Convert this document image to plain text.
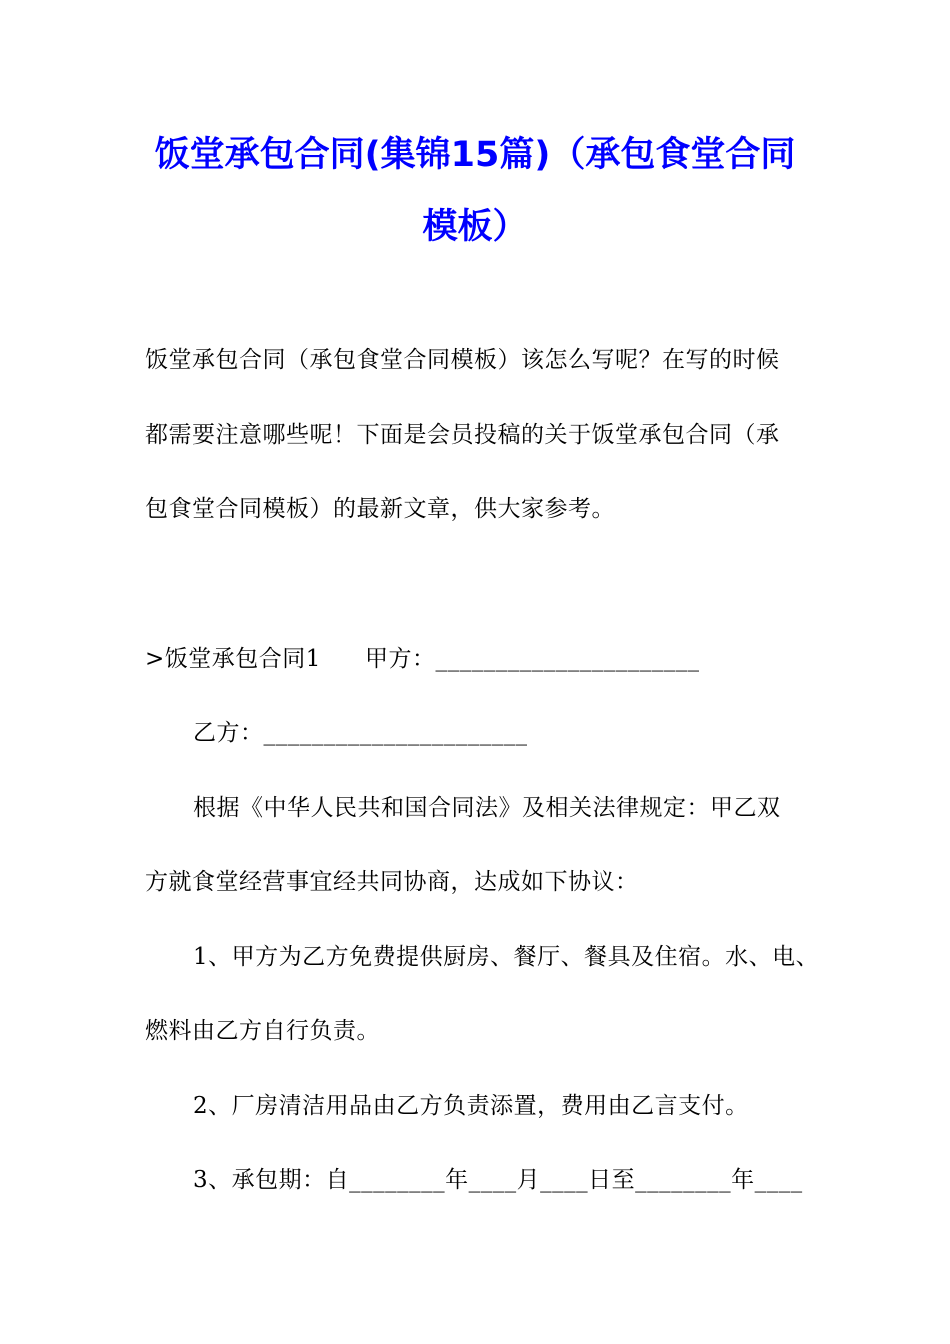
饭堂承包合同(集锦15篇)（承包食堂合同
模板）
饭堂承包合同（承包食堂合同模板）该怎么写呢？在写的时候
都需要注意哪些呢！下面是会员投稿的关于饭堂承包合同（承
包食堂合同模板）的最新文章，供大家参考。
>饭堂承包合同1 甲方：______________________
乙方：______________________
根据《中华人民共和国合同法》及相关法律规定：甲乙双
方就食堂经营事宜经共同协商，达成如下协议：
1、甲方为乙方免费提供厨房、餐厅、餐具及住宿。水、电、
燃料由乙方自行负责。
2、厂房清洁用品由乙方负责添置，费用由乙言支付。
3、承包期：自________年____月____日至________年____
